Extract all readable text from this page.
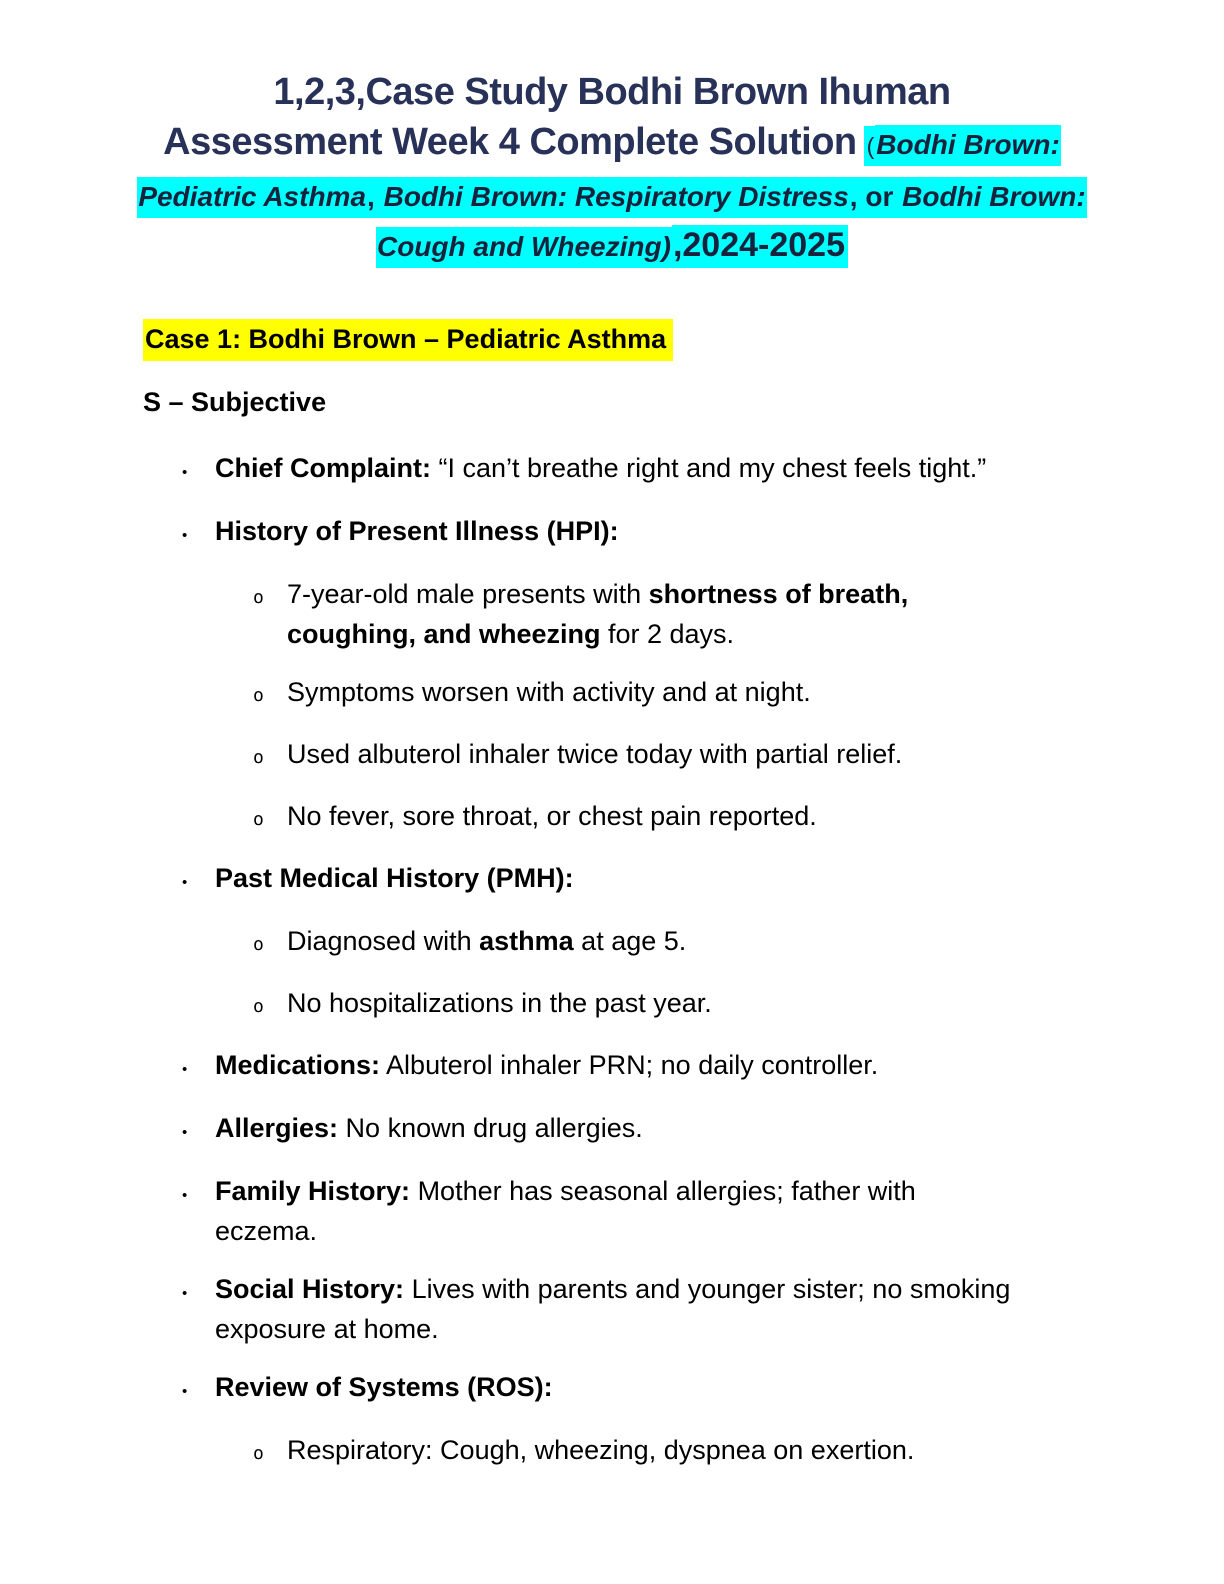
1,2,3,Case Study Bodhi Brown Ihuman
Assessment Week 4 Complete Solution (Bodhi Brown:
Pediatric Asthma, Bodhi Brown: Respiratory Distress, or Bodhi Brown:
Cough and Wheezing),2024-2025
Case 1: Bodhi Brown – Pediatric Asthma
S – Subjective
•	Chief Complaint: “I can’t breathe right and my chest feels tight.”
•	History of Present Illness (HPI):
o 7-year-old male presents with shortness of breath,
coughing, and wheezing for 2 days.
o Symptoms worsen with activity and at night.
o Used albuterol inhaler twice today with partial relief.
o No fever, sore throat, or chest pain reported.
•	Past Medical History (PMH):
o Diagnosed with asthma at age 5.
o No hospitalizations in the past year.
•	Medications: Albuterol inhaler PRN; no daily controller.
•	Allergies: No known drug allergies.
•	Family History: Mother has seasonal allergies; father with
eczema.
•	Social History: Lives with parents and younger sister; no smoking
exposure at home.
•	Review of Systems (ROS):
o Respiratory: Cough, wheezing, dyspnea on exertion.
